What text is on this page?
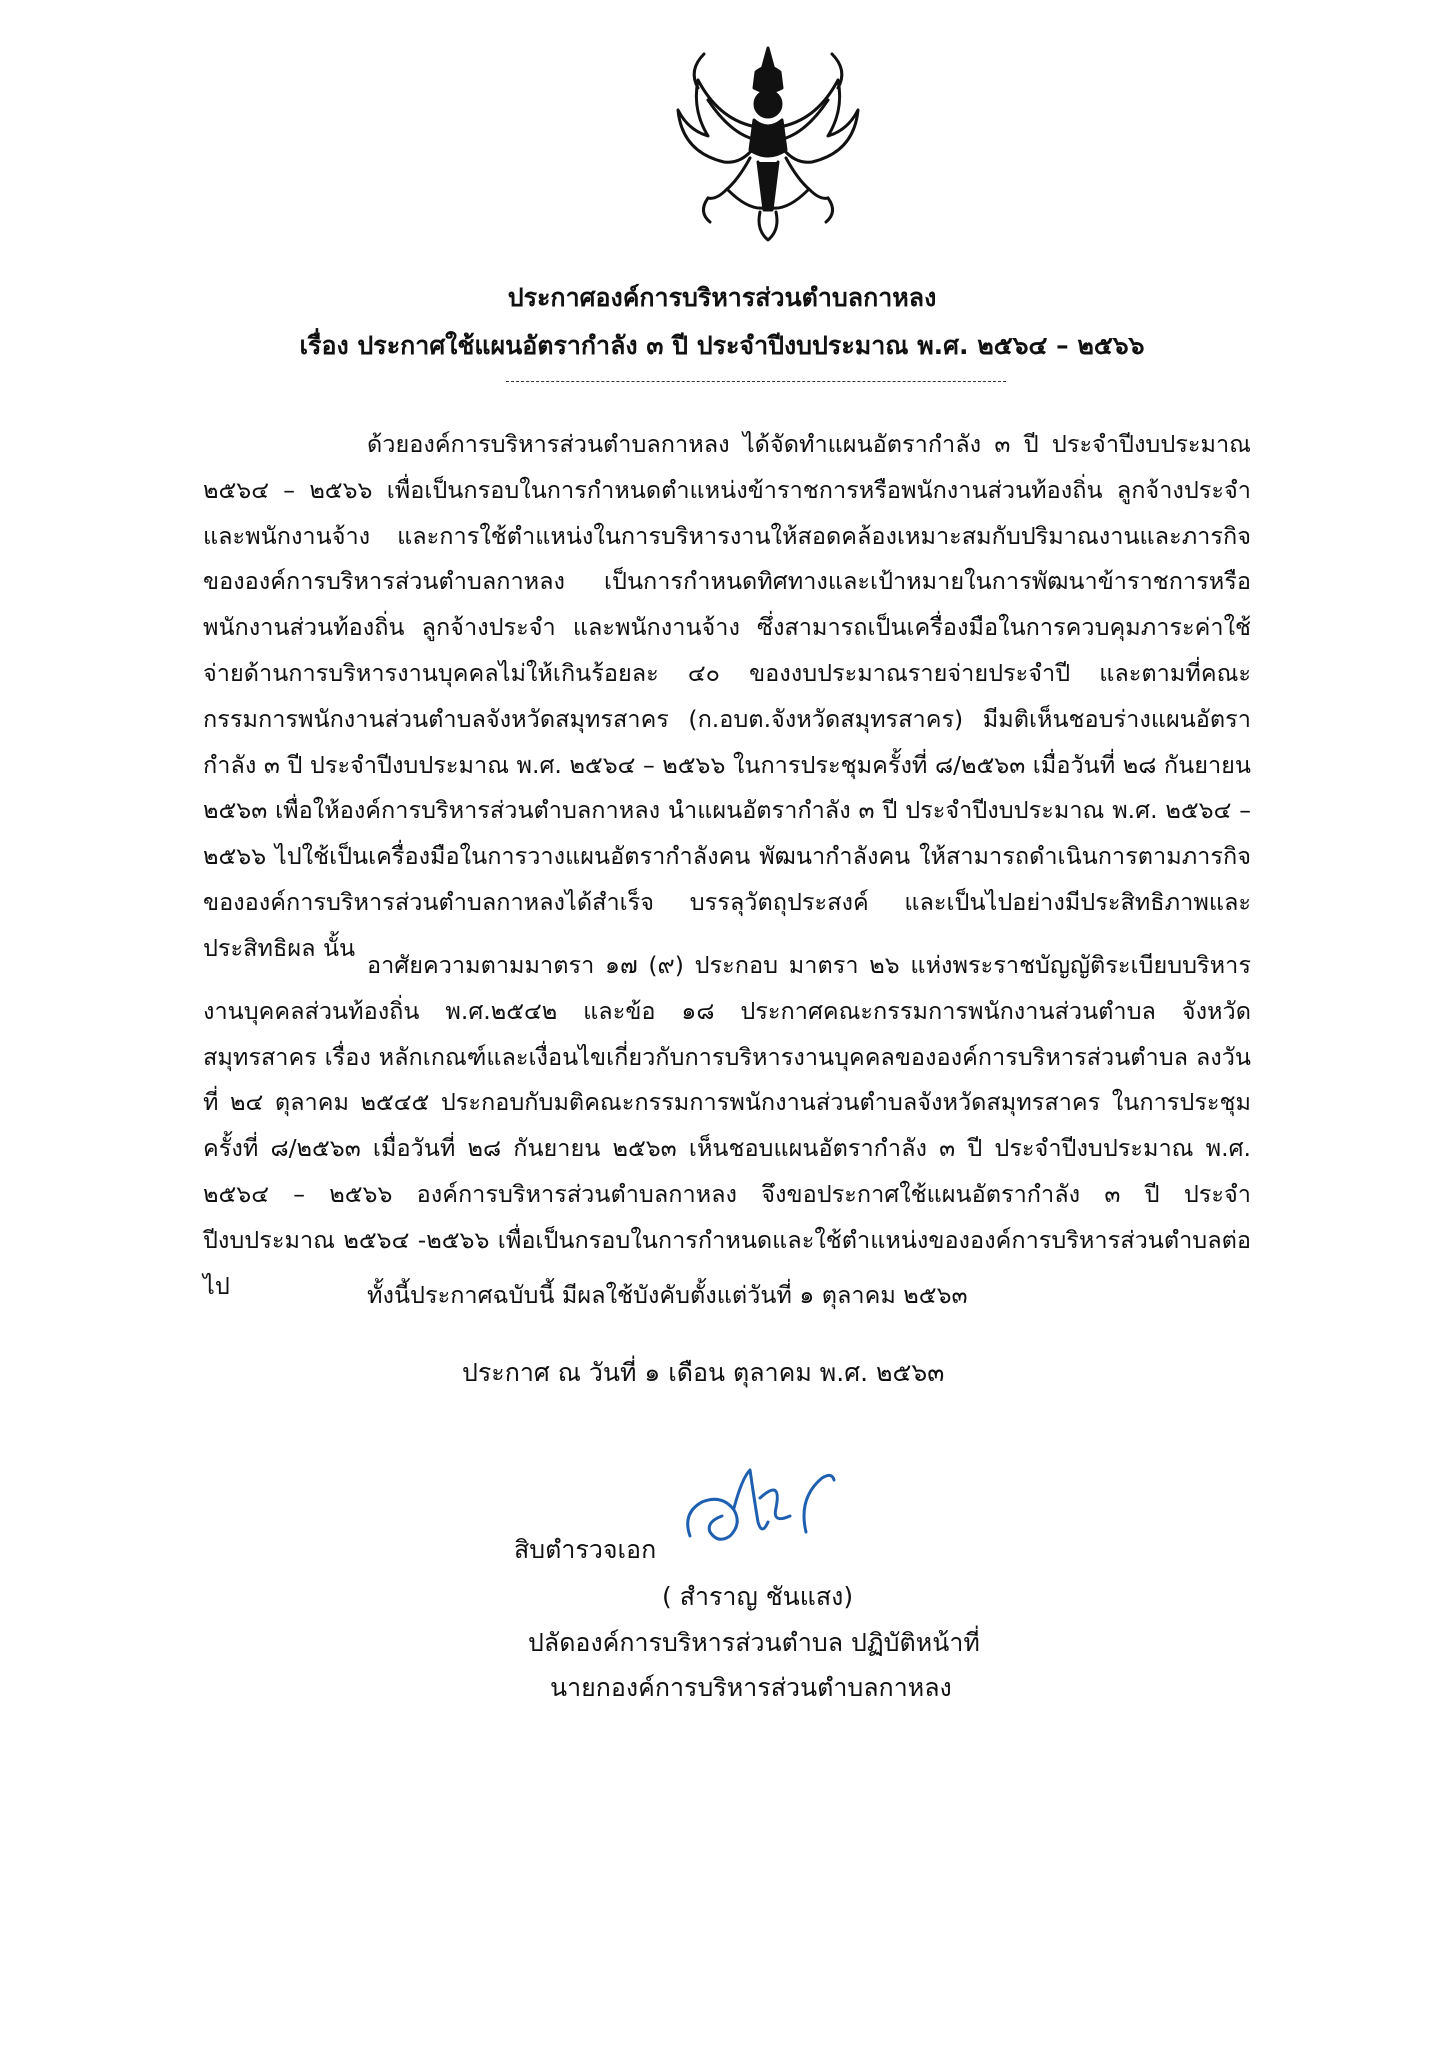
ประกาศองค์การบริหารส่วนตำบลกาหลง
เรื่อง ประกาศใช้แผนอัตรากำลัง ๓ ปี ประจำปีงบประมาณ พ.ศ. ๒๕๖๔ – ๒๕๖๖

ด้วยองค์การบริหารส่วนตำบลกาหลง ได้จัดทำแผนอัตรากำลัง ๓ ปี ประจำปีงบประมาณ ๒๕๖๔ – ๒๕๖๖ เพื่อเป็นกรอบในการกำหนดตำแหน่งข้าราชการหรือพนักงานส่วนท้องถิ่น ลูกจ้างประจำ และพนักงานจ้าง และการใช้ตำแหน่งในการบริหารงานให้สอดคล้องเหมาะสมกับปริมาณงานและภารกิจขององค์การบริหารส่วนตำบลกาหลง เป็นการกำหนดทิศทางและเป้าหมายในการพัฒนาข้าราชการหรือพนักงานส่วนท้องถิ่น ลูกจ้างประจำ และพนักงานจ้าง ซึ่งสามารถเป็นเครื่องมือในการควบคุมภาระค่าใช้จ่ายด้านการบริหารงานบุคคลไม่ให้เกินร้อยละ ๔๐ ของงบประมาณรายจ่ายประจำปี และตามที่คณะกรรมการพนักงานส่วนตำบลจังหวัดสมุทรสาคร (ก.อบต.จังหวัดสมุทรสาคร) มีมติเห็นชอบร่างแผนอัตรากำลัง ๓ ปี ประจำปีงบประมาณ พ.ศ. ๒๕๖๔ – ๒๕๖๖ ในการประชุมครั้งที่ ๘/๒๕๖๓ เมื่อวันที่ ๒๘ กันยายน ๒๕๖๓ เพื่อให้องค์การบริหารส่วนตำบลกาหลง นำแผนอัตรากำลัง ๓ ปี ประจำปีงบประมาณ พ.ศ. ๒๕๖๔ – ๒๕๖๖ ไปใช้เป็นเครื่องมือในการวางแผนอัตรากำลังคน พัฒนากำลังคน ให้สามารถดำเนินการตามภารกิจขององค์การบริหารส่วนตำบลกาหลงได้สำเร็จ บรรลุวัตถุประสงค์ และเป็นไปอย่างมีประสิทธิภาพและประสิทธิผล นั้น

อาศัยความตามมาตรา ๑๗ (๙) ประกอบ มาตรา ๒๖ แห่งพระราชบัญญัติระเบียบบริหารงานบุคคลส่วนท้องถิ่น พ.ศ.๒๕๔๒ และข้อ ๑๘ ประกาศคณะกรรมการพนักงานส่วนตำบล จังหวัดสมุทรสาคร เรื่อง หลักเกณฑ์และเงื่อนไขเกี่ยวกับการบริหารงานบุคคลขององค์การบริหารส่วนตำบล ลงวันที่ ๒๔ ตุลาคม ๒๕๔๕ ประกอบกับมติคณะกรรมการพนักงานส่วนตำบลจังหวัดสมุทรสาคร ในการประชุมครั้งที่ ๘/๒๕๖๓ เมื่อวันที่ ๒๘ กันยายน ๒๕๖๓ เห็นชอบแผนอัตรากำลัง ๓ ปี ประจำปีงบประมาณ พ.ศ. ๒๕๖๔ – ๒๕๖๖ องค์การบริหารส่วนตำบลกาหลง จึงขอประกาศใช้แผนอัตรากำลัง ๓ ปี ประจำปีงบประมาณ ๒๕๖๔ -๒๕๖๖ เพื่อเป็นกรอบในการกำหนดและใช้ตำแหน่งขององค์การบริหารส่วนตำบลต่อไป	ทั้งนี้ประกาศฉบับนี้ มีผลใช้บังคับตั้งแต่วันที่ ๑ ตุลาคม ๒๕๖๓

ประกาศ ณ วันที่ ๑ เดือน ตุลาคม พ.ศ. ๒๕๖๓
สิบตำรวจเอก
( สำราญ ชันแสง)
ปลัดองค์การบริหารส่วนตำบล ปฏิบัติหน้าที่
นายกองค์การบริหารส่วนตำบลกาหลง
